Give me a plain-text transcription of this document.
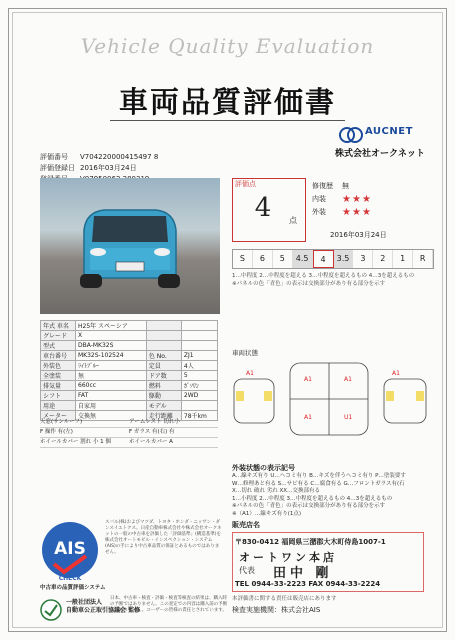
Vehicle Quality Evaluation
車両品質評価書
AUCNET
株式会社オークネット
評価番号	V704220000415497 8
評価登録日 2016年03月24日
評価点
4	点
修復歴	無
内装	★★★
外装	★★★
2016年03月24日
S	6	5	4.5	4	3.5	3	2	1	R
1…中程度 2…中程度を超える 3…中程度を超えるもの 4…3を超えるもの
※パネルの色「青色」の表示は交換部分があり有る部分を示す
年式 車名	H25年 スペーシア		
グレード	X		
型式	DBA-MK32S		
車台番号	MK32S-102524	色 No.	ZJ1
外装色	ﾗｲﾄﾌﾞﾙｰ	定員	4人
全塗装	無	ドア数	5
排気量	660cc	燃料	ｶﾞｿﾘﾝ
シフト	FAT	駆動	2WD
用途	自家用	モデル	
メーター	交換無	走行距離	78千km
天窓(サンルーフ)	アームレスト 切れ小
F 操作 有(左)	F ガラス 有(右) 有
ホイールカバー 割れ 小 1 個	ホイールカバー A
車両状態
A1
A1	A1
A1	U1
A1
外装状態の表示記号
A…線キズ有り U…へコミ有り B…キズを伴うへコミ有り P…塗装要す
W…修理あと有る S…サビ有る C…腐食有る G…フロントガラス有(石
X…切れ 破れ 劣れ XX…交換部有る
1…小程度 2…中程度 3…中程度を超えるもの 4…3を超えるもの
※パネルの色「青色」の表示は交換部分があり有る部分を示す
※（A1）…線キズ有り(1点)
販売店名
〒830-0412 福岡県三潴郡大木町侍島1007-1
オートワン本店
代表 田中 剛
TEL 0944-33-2223 FAX 0944-33-2224
本評価書に関する責任は販売店にあります
検査実施機関：株式会社AIS
AIS
CHECK
中古車の品質評価システム
スバル(株)およびマツダ、トヨタ・ホンダ・ニッサン・ダンスイエトクス。日産自動車株式会社や株式会社オークネットの一般の中古車を評価した「評価基準」(構造基準)を株式会社オートモビル・インスペクション・システム(AIS)の手により中古車品質の保証とあるものではありません。
一般社団法人
自動車公正取引協議会 監修
日本、中古車・検査・評価・検査等検査の結果は、購入時の予断ではありません。この査定での内容は購入前の予断ではありません。ユーザーの皆様の責任とされています。
